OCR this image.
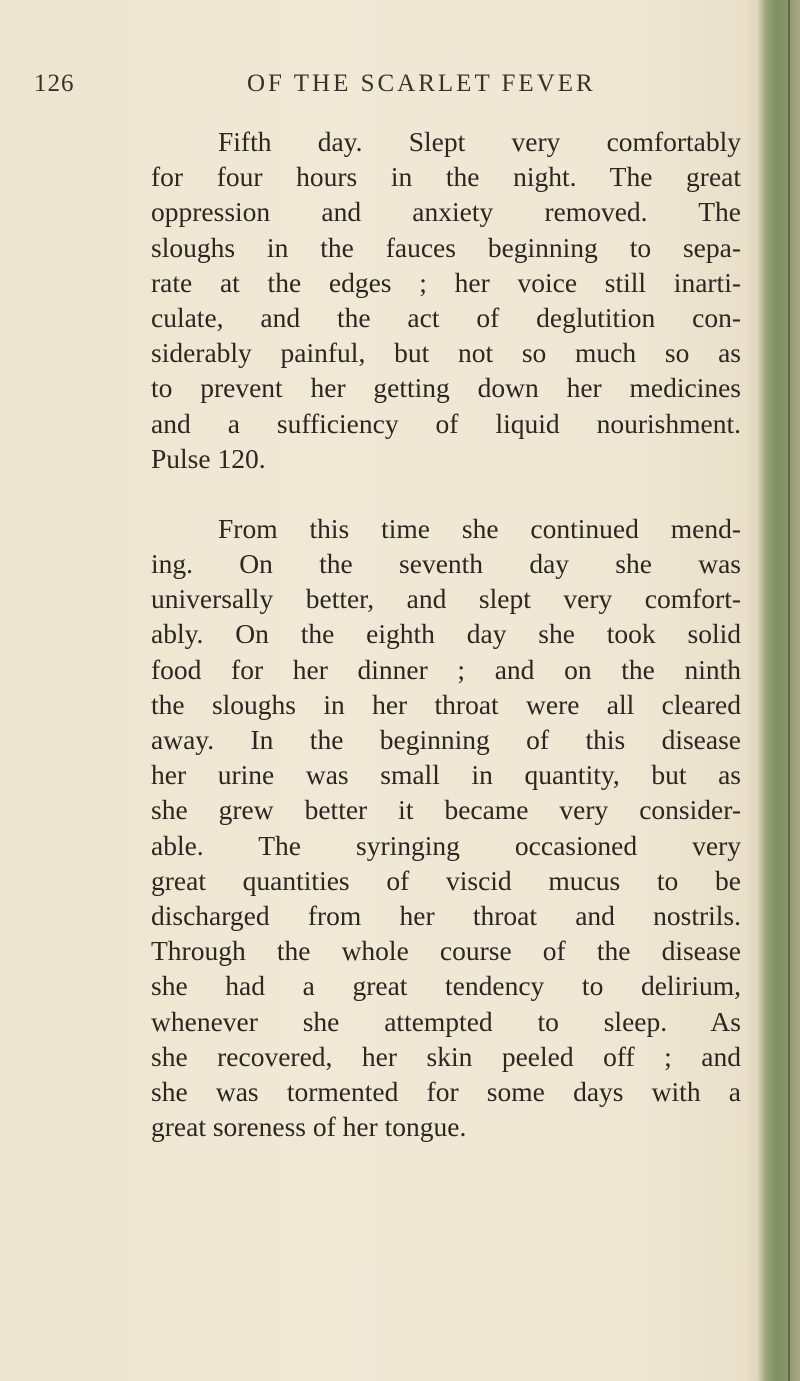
126	OF THE SCARLET FEVER
Fifth day. Slept very comfortably
for four hours in the night. The great
oppression and anxiety removed. The
sloughs in the fauces beginning to sepa-
rate at the edges ; her voice still inarti-
culate, and the act of deglutition con-
siderably painful, but not so much so as
to prevent her getting down her medicines
and a sufficiency of liquid nourishment.
Pulse 120.
From this time she continued mend-
ing. On the seventh day she was
universally better, and slept very comfort-
ably. On the eighth day she took solid
food for her dinner ; and on the ninth
the sloughs in her throat were all cleared
away. In the beginning of this disease
her urine was small in quantity, but as
she grew better it became very consider-
able. The syringing occasioned very
great quantities of viscid mucus to be
discharged from her throat and nostrils.
Through the whole course of the disease
she had a great tendency to delirium,
whenever she attempted to sleep. As
she recovered, her skin peeled off ; and
she was tormented for some days with a
great soreness of her tongue.
